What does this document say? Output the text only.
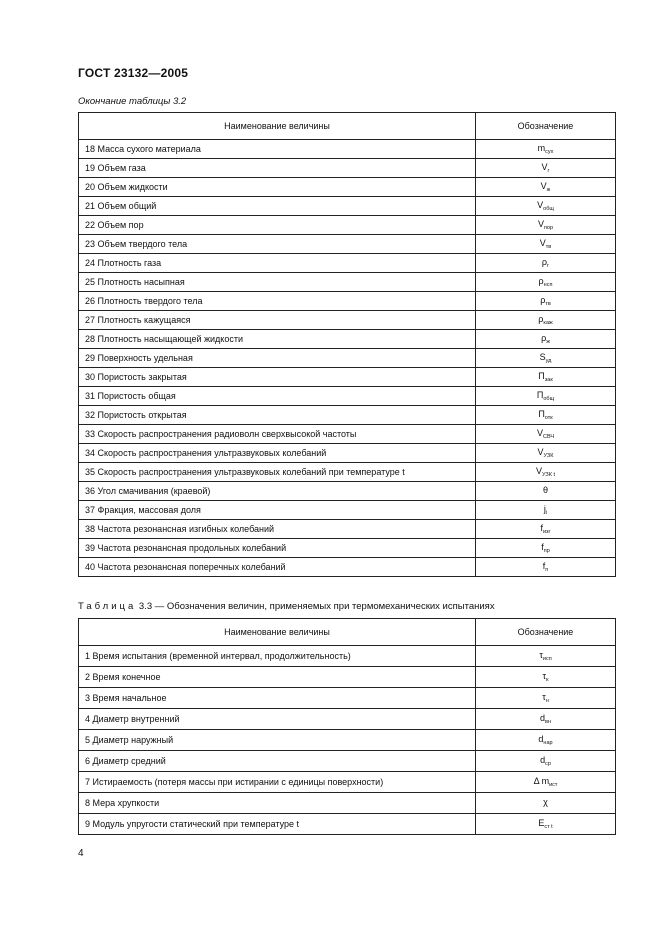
ГОСТ 23132—2005
Окончание таблицы 3.2
Наименование величины	Обозначение
18 Масса сухого материала	$m_{сух}$
19 Объем газа	$V_г$
20 Объем жидкости	$V_ж$
21 Объем общий	$V_{общ}$
22 Объем пор	$V_{пор}$
23 Объем твердого тела	$V_{тв}$
24 Плотность газа	$\rho_г$
25 Плотность насыпная	$\rho_{нсп}$
26 Плотность твердого тела	$\rho_{тв}$
27 Плотность кажущаяся	$\rho_{каж}$
28 Плотность насыщающей жидкости	$\rho_ж$
29 Поверхность удельная	$S_{уд}$
30 Пористость закрытая	$П_{зак}$
31 Пористость общая	$П_{общ}$
32 Пористость открытая	$П_{отк}$
33 Скорость распространения радиоволн сверхвысокой частоты	$V_{СВЧ}$
34 Скорость распространения ультразвуковых колебаний	$V_{УЗК}$
35 Скорость распространения ультразвуковых колебаний при температуре t	$V_{УЗК t}$
36 Угол смачивания (краевой)	θ
37 Фракция, массовая доля	$j_i$
38 Частота резонансная изгибных колебаний	$f_{изг}$
39 Частота резонансная продольных колебаний	$f_{пр}$
40 Частота резонансная поперечных колебаний	$f_п$
Таблица 3.3 — Обозначения величин, применяемых при термомеханических испытаниях
Наименование величины	Обозначение
1 Время испытания (временной интервал, продолжительность)	$\tau_{исп}$
2 Время конечное	$\tau_к$
3 Время начальное	$\tau_н$
4 Диаметр внутренний	$d_{вн}$
5 Диаметр наружный	$d_{нар}$
6 Диаметр средний	$d_{ср}$
7 Истираемость (потеря массы при истирании с единицы поверхности)	Δ $m_{ист}$
8 Мера хрупкости	χ
9 Модуль упругости статический при температуре t	$E_{ст t}$
4
